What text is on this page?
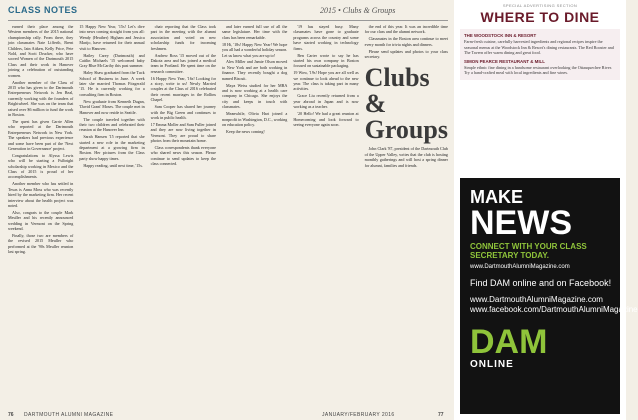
CLASS NOTES	2015 • Clubs & Groups

earned their place among the Western members of the 2015 national championship rally. From there, they join classmates Nate Lifferth, Brent Childers, Iain Aitken, Kelly Price, Pete Nold, and Scott Drucker, who have scored Women of the Dartmouth 2015 Class and their work in Hanover joining a celebration of outstanding women.

Another member of the Class of 2015 who has given to the Dartmouth Entrepreneurs Network is Jen Beal, currently working with the founders of Brightwheel. She was on the team that raised over $6 million to fund the work in Boston.

The quest has given Carrie Allen who reported at the Dartmouth Entrepreneurs Network in New York. The speakers had previous experience and some have been part of the 'Next Generation in Governance' project.

Congratulations to Alyssa Lewis who will be starting a Fulbright scholarship working in Mexico and the Class of 2015 is proud of her accomplishments.

Another member who has settled in Texas is Anna Moss who was recently hired by the marketing firm. Her recent interview about the health project was noted.

Also, congrats to the couple Mark Meuller and his recently announced wedding in Vermont on the Spring weekend.

Finally, those two are members of the revised 2015 Meuller who performed at the '90s Meuller reunion last spring.

15 Happy New Year, '15s! Let's dive into news coming straight from you all: Wendy (Heather) Higham and Jessica Marijo, have returned for their annual visit to Hanover.

Hailey Carey (Dartmouth) and Caitlin Michaels '15 welcomed baby Gray Blue McCarthy this past summer.

Haley Shaw graduated from the Tuck School of Business in June. A week later she married Thomas Fitzgerald '15. He is currently working for a consulting firm in Boston.

New graduate from Kenneth Dugan, 'David Grant' Moses. The couple met in Hanover and now reside in Seattle.

The couple traveled together with their two children and celebrated their reunion at the Hanover Inn.

Sarah Hansen '15 reported that she started a new role in the marketing department at a growing firm in Boston. Her pictures from the Class party show happy times.

Happy reading, until next time, '15s.

chair reporting that the Class took part in the meeting with the alumni association and voted on new scholarship funds for incoming freshmen.

Andrew Ross '15 moved out of the Dakota area and has joined a medical team in Portland. He spent time on the research committee.

16 Happy New Year, '16s! Looking for a story, write to us! Newly Married couples at the Class of 2016 celebrated their recent marriages in the Rollins Chapel.

Sam Cooper has shared her journey with the Big Green and continues to work in public health.

17 Emma Moller and Sam Fuller joined and they are now living together in Vermont. They are proud to share photos from their mountain home.

Class correspondents thank everyone who shared news this season. Please continue to send updates to keep the class connected.

and later earned full use of all the same legislature. Her time with the class has been remarkable.

18 Hi, '18s! Happy New Year! We hope you all had a wonderful holiday season. Let us know what you are up to!

Alex Miller and Jamie Olson moved to New York and are both working in finance. They recently bought a dog named Biscuit.

Maya Weiss studied for her MBA and is now working at a health care company in Chicago. She enjoys the city and keeps in touch with classmates.

Meanwhile, Olivia Hart joined a nonprofit in Washington, D.C., working on education policy.

Keep the news coming!

'19 has stayed busy. Many classmates have gone to graduate programs across the country and some have started working in technology firms.

Ben Carter wrote to say he has started his own company in Boston focused on sustainable packaging.

19 Wow, '19s! Hope you are all well as we continue to look ahead to the new year. The class is taking part in many activities.

Grace Liu recently returned from a year abroad in Japan and is now working as a teacher.

'20 Hello! We had a great reunion at Homecoming and look forward to seeing everyone again soon.

the end of this year. It was an incredible time for our class and the alumni network.

Classmates in the Boston area continue to meet every month for trivia nights and dinners.

Please send updates and photos to your class secretary.

Clubs & Groups

John Clark '87, president of the Dartmouth Club of the Upper Valley, writes that the club is hosting monthly gatherings and will host a spring dinner for alumni, families and friends.

76 DARTMOUTH ALUMNI MAGAZINE	JANUARY/FEBRUARY 2016	77
SPECIAL ADVERTISING SECTION
WHERE TO DINE
THE WOODSTOCK INN & RESORT
Farm-fresh cuisine, carefully harvested ingredients and regional recipes inspire the seasonal menus at the Woodstock Inn & Resort's dining restaurants. The Red Rooster and The Tavern offer warm dining and great food.
SIMON PEARCE RESTAURANT & MILL
Simple ethnic fine dining in a handsome restaurant overlooking the Ottauquechee River. Try a hand-crafted meal with local ingredients and fine wines.
MAKE
NEWS
CONNECT WITH YOUR CLASS SECRETARY TODAY.
www.DartmouthAlumniMagazine.com
Find DAM online and on Facebook!
www.DartmouthAlumniMagazine.com
www.facebook.com/DartmouthAlumniMagazine
DAM
ONLINE
